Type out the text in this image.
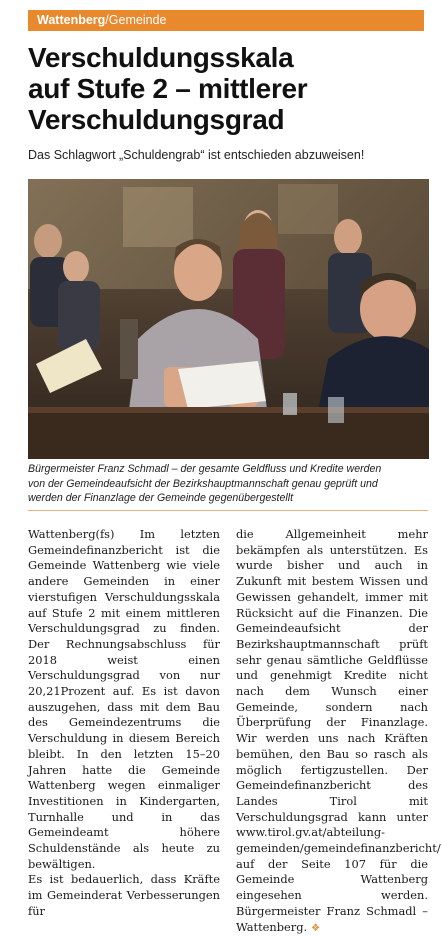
Wattenberg/Gemeinde
Verschuldungsskala
auf Stufe 2 – mittlerer
Verschuldungsgrad

Das Schlagwort „Schuldengrab“ ist entschieden abzuweisen!

Bürgermeister Franz Schmadl – der gesamte Geldfluss und Kredite werden
von der Gemeindeaufsicht der Bezirkshauptmannschaft genau geprüft und
werden der Finanzlage der Gemeinde gegenübergestellt

Wattenberg(fs) Im letzten Gemeindefinanzbericht ist die Gemeinde Wattenberg wie viele andere Gemeinden in einer vierstufigen Verschuldungsskala auf Stufe 2 mit einem mittleren Verschuldungsgrad zu finden. Der Rechnungsabschluss für 2018 weist einen Verschuldungsgrad von nur 20,21Prozent auf. Es ist davon auszugehen, dass mit dem Bau des Gemeindezentrums die Verschuldung in diesem Bereich bleibt. In den letzten 15–20 Jahren hatte die Gemeinde Wattenberg wegen einmaliger Investitionen in Kindergarten, Turnhalle und in das Gemeindeamt höhere Schuldenstände als heute zu bewältigen.

Es ist bedauerlich, dass Kräfte im Gemeinderat Verbesserungen für

die Allgemeinheit mehr bekämpfen als unterstützen. Es wurde bisher und auch in Zukunft mit bestem Wissen und Gewissen gehandelt, immer mit Rücksicht auf die Finanzen. Die Gemeindeaufsicht der Bezirkshauptmannschaft prüft sehr genau sämtliche Geldflüsse und genehmigt Kredite nicht nach dem Wunsch einer Gemeinde, sondern nach Überprüfung der Finanzlage. Wir werden uns nach Kräften bemühen, den Bau so rasch als möglich fertigzustellen. Der Gemeindefinanzbericht des Landes Tirol mit Verschuldungsgrad kann unter www.tirol.gv.at/abteilung-gemeinden/gemeindefinanzbericht/ auf der Seite 107 für die Gemeinde Wattenberg eingesehen werden. Bürgermeister Franz Schmadl – Wattenberg. ❖
